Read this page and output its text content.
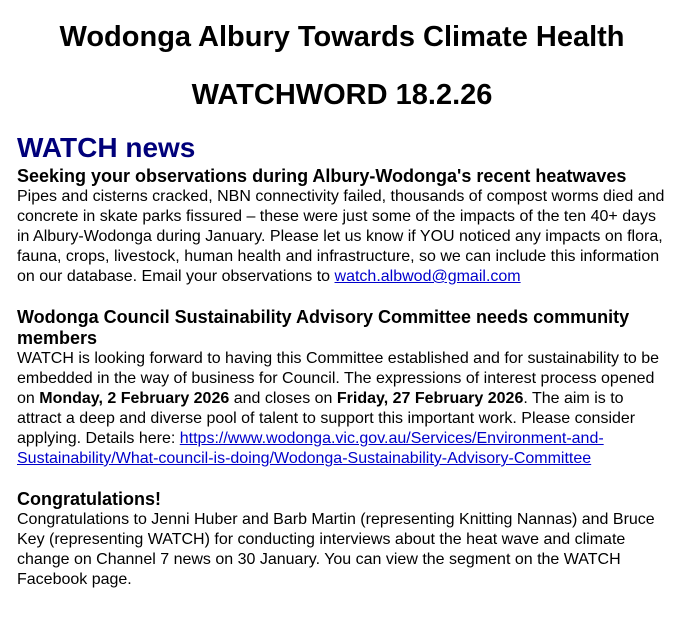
Wodonga Albury Towards Climate Health
WATCHWORD 18.2.26
WATCH news
Seeking your observations during Albury-Wodonga's recent heatwaves

Pipes and cisterns cracked, NBN connectivity failed, thousands of compost worms died and concrete in skate parks fissured – these were just some of the impacts of the ten 40+ days in Albury-Wodonga during January. Please let us know if YOU noticed any impacts on flora, fauna, crops, livestock, human health and infrastructure, so we can include this information on our database. Email your observations to watch.albwod@gmail.com

Wodonga Council Sustainability Advisory Committee needs community members

WATCH is looking forward to having this Committee established and for sustainability to be embedded in the way of business for Council. The expressions of interest process opened on Monday, 2 February 2026 and closes on Friday, 27 February 2026. The aim is to attract a deep and diverse pool of talent to support this important work. Please consider applying. Details here: https://www.wodonga.vic.gov.au/Services/Environment-and-Sustainability/What-council-is-doing/Wodonga-Sustainability-Advisory-Committee

Congratulations!

Congratulations to Jenni Huber and Barb Martin (representing Knitting Nannas) and Bruce Key (representing WATCH) for conducting interviews about the heat wave and climate change on Channel 7 news on 30 January. You can view the segment on the WATCH Facebook page.
